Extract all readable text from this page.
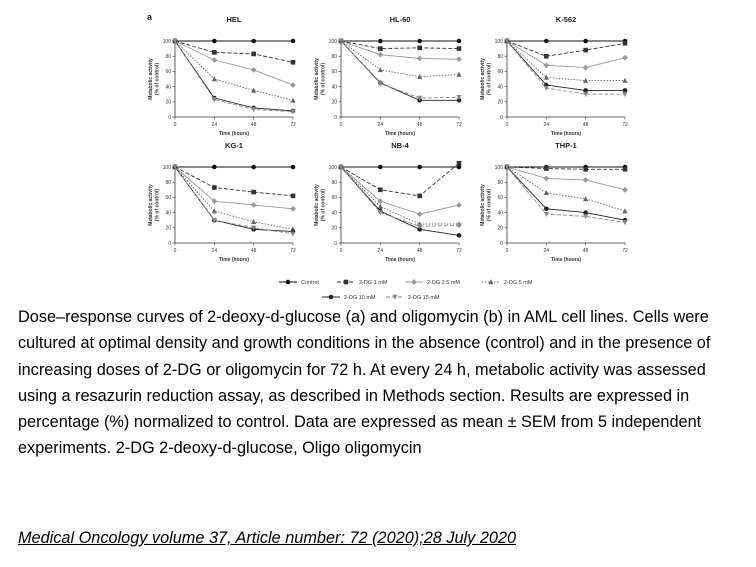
a	HEL
0
20
40
60
80
100
0	24	48	72
Time (hours)
Metabolic activity(% of control)
HL-60
0
20
40
60
80
100
0	24	48	72
Time (hours)
Metabolic activity(% of control)
K-562
0
20
40
60
80
100
0	24	48	72
Time (hours)
Metabolic activity(% of control)
KG-1
0
20
40
60
80
100
0	24	48	72
Time (hours)
Metabolic activity(% of control)
NB-4
0
20
40
60
80
100
0	24	48	72
Time (hours)
Metabolic activity(% of control)
THP-1
0
20
40
60
80
100
0	24	48	72
Time (hours)
Metabolic activity(% of control)
Control	2-DG 1 mM	2-DG 2.5 mM	2-DG 5 mM
2-DG 10 mM	2-DG 15 mM

Dose–response curves of 2-deoxy-d-glucose (a) and oligomycin (b) in AML cell lines. Cells were cultured at optimal density and growth conditions in the absence (control) and in the presence of increasing doses of 2-DG or oligomycin for 72 h. At every 24 h, metabolic activity was assessed using a resazurin reduction assay, as described in Methods section. Results are expressed in percentage (%) normalized to control. Data are expressed as mean ± SEM from 5 independent experiments. 2-DG 2-deoxy-d-glucose, Oligo oligomycin

Medical Oncology volume 37, Article number: 72 (2020);28 July 2020
